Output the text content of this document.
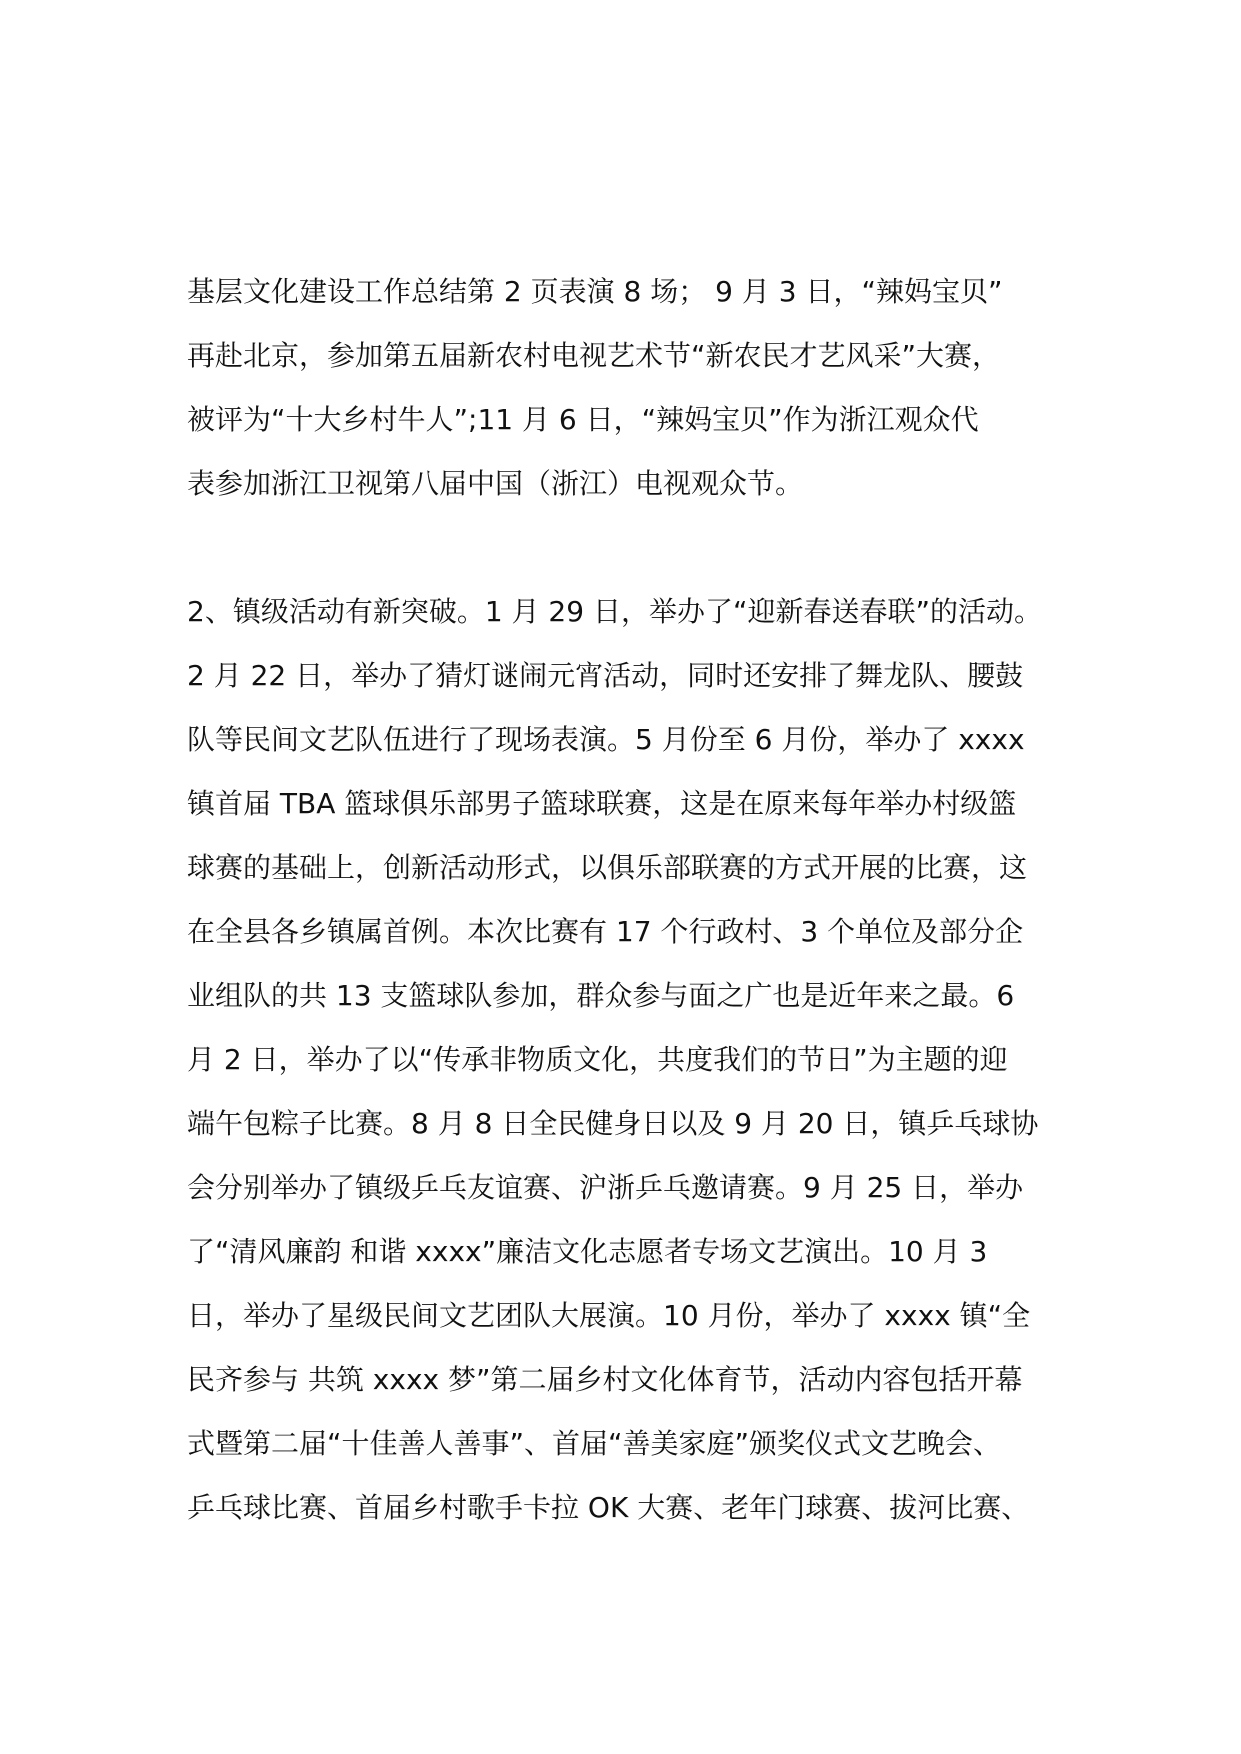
基层文化建设工作总结第 2 页表演 8 场； 9 月 3 日，“辣妈宝贝”
再赴北京，参加第五届新农村电视艺术节“新农民才艺风采”大赛，
被评为“十大乡村牛人”;11 月 6 日，“辣妈宝贝”作为浙江观众代
表参加浙江卫视第八届中国（浙江）电视观众节。
2、镇级活动有新突破。1 月 29 日，举办了“迎新春送春联”的活动。
2 月 22 日，举办了猜灯谜闹元宵活动，同时还安排了舞龙队、腰鼓
队等民间文艺队伍进行了现场表演。5 月份至 6 月份，举办了 xxxx
镇首届 TBA 篮球俱乐部男子篮球联赛，这是在原来每年举办村级篮
球赛的基础上，创新活动形式，以俱乐部联赛的方式开展的比赛，这
在全县各乡镇属首例。本次比赛有 17 个行政村、3 个单位及部分企
业组队的共 13 支篮球队参加，群众参与面之广也是近年来之最。6
月 2 日，举办了以“传承非物质文化，共度我们的节日”为主题的迎
端午包粽子比赛。8 月 8 日全民健身日以及 9 月 20 日，镇乒乓球协
会分别举办了镇级乒乓友谊赛、沪浙乒乓邀请赛。9 月 25 日，举办
了“清风廉韵 和谐 xxxx”廉洁文化志愿者专场文艺演出。10 月 3
日，举办了星级民间文艺团队大展演。10 月份，举办了 xxxx 镇“全
民齐参与 共筑 xxxx 梦”第二届乡村文化体育节，活动内容包括开幕
式暨第二届“十佳善人善事”、首届“善美家庭”颁奖仪式文艺晚会、
乒乓球比赛、首届乡村歌手卡拉 OK 大赛、老年门球赛、拔河比赛、
